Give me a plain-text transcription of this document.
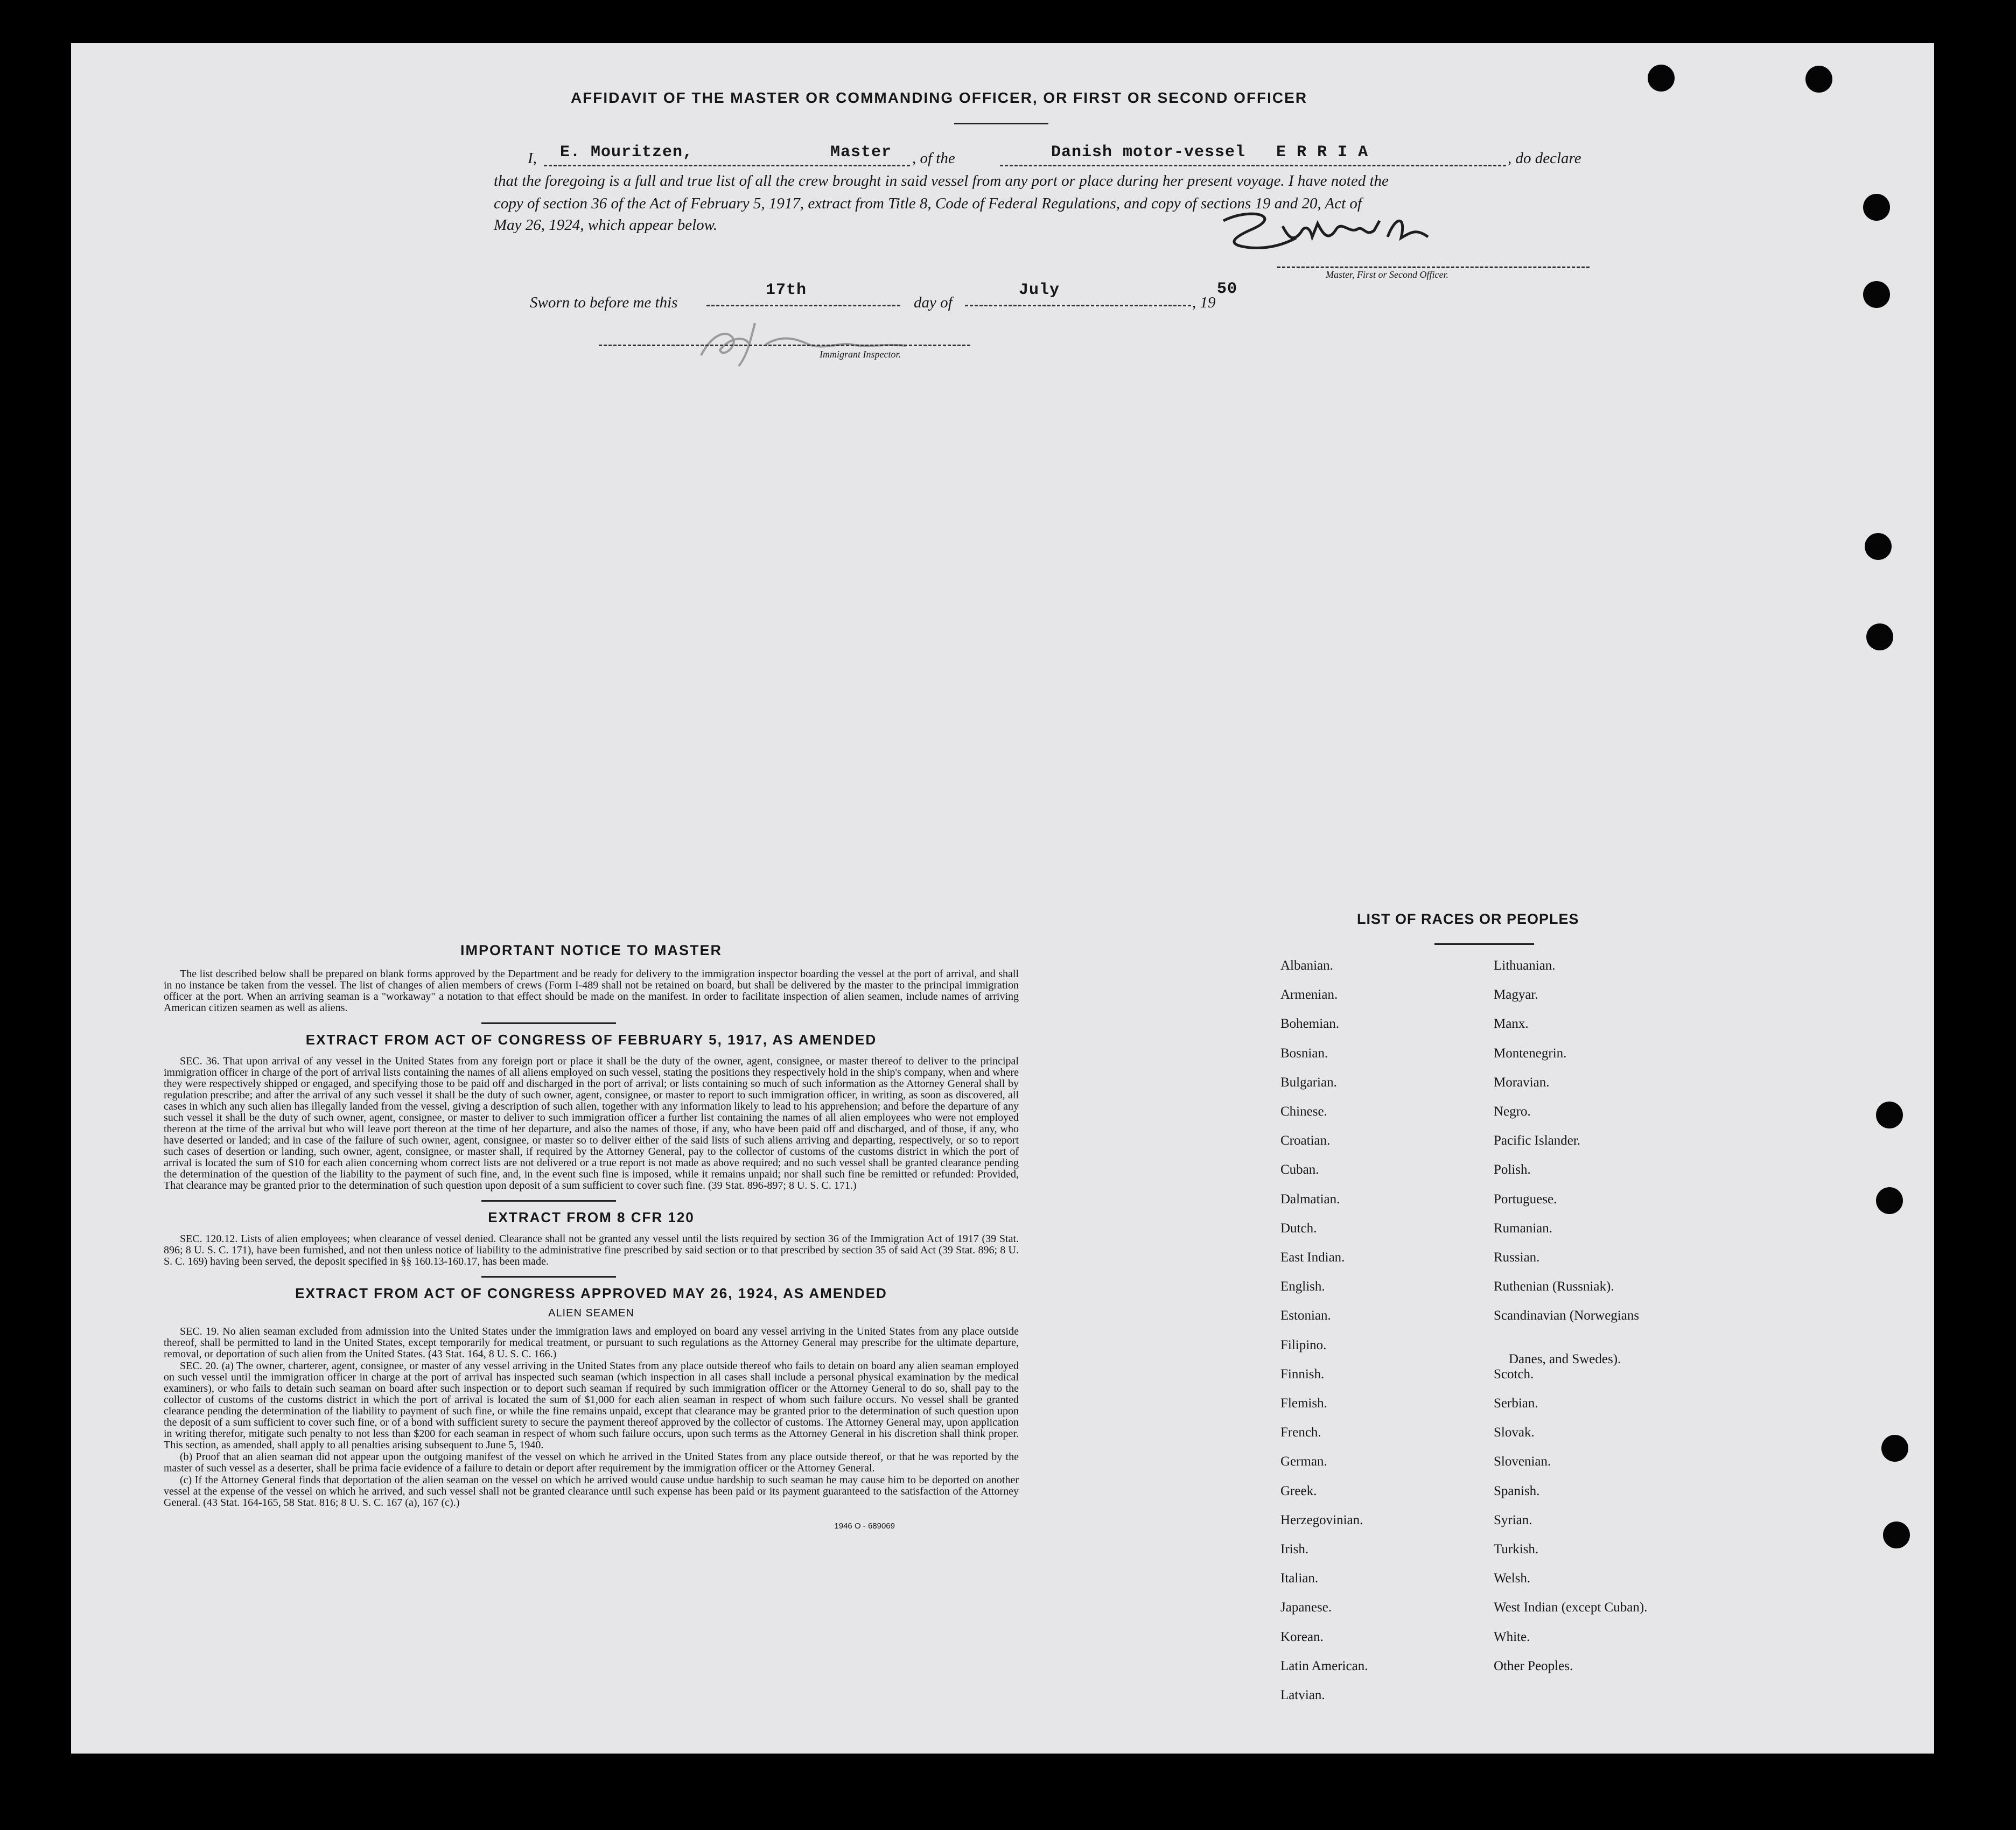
AFFIDAVIT OF THE MASTER OR COMMANDING OFFICER, OR FIRST OR SECOND OFFICER
I, E. Mouritzen,	Master , of the	Danish motor-vessel   E R R I A	, do declare
that the foregoing is a full and true list of all the crew brought in said vessel from any port or place during her present voyage. I have noted the
copy of section 36 of the Act of February 5, 1917, extract from Title 8, Code of Federal Regulations, and copy of sections 19 and 20, Act of
May 26, 1924, which appear below.
Master, First or Second Officer.
Sworn to before me this
17th
day of
July
, 19
50
Immigrant Inspector.
IMPORTANT NOTICE TO MASTER

The list described below shall be prepared on blank forms approved by the Department and be ready for delivery to the immigration inspector boarding the vessel at the port of arrival, and shall in no instance be taken from the vessel. The list of changes of alien members of crews (Form I-489 shall not be retained on board, but shall be delivered by the master to the principal immigration officer at the port. When an arriving seaman is a "workaway" a notation to that effect should be made on the manifest. In order to facilitate inspection of alien seamen, include names of arriving American citizen seamen as well as aliens.

EXTRACT FROM ACT OF CONGRESS OF FEBRUARY 5, 1917, AS AMENDED

SEC. 36. That upon arrival of any vessel in the United States from any foreign port or place it shall be the duty of the owner, agent, consignee, or master thereof to deliver to the principal immigration officer in charge of the port of arrival lists containing the names of all aliens employed on such vessel, stating the positions they respectively hold in the ship's company, when and where they were respectively shipped or engaged, and specifying those to be paid off and discharged in the port of arrival; or lists containing so much of such information as the Attorney General shall by regulation prescribe; and after the arrival of any such vessel it shall be the duty of such owner, agent, consignee, or master to report to such immigration officer, in writing, as soon as discovered, all cases in which any such alien has illegally landed from the vessel, giving a description of such alien, together with any information likely to lead to his apprehension; and before the departure of any such vessel it shall be the duty of such owner, agent, consignee, or master to deliver to such immigration officer a further list containing the names of all alien employees who were not employed thereon at the time of the arrival but who will leave port thereon at the time of her departure, and also the names of those, if any, who have been paid off and discharged, and of those, if any, who have deserted or landed; and in case of the failure of such owner, agent, consignee, or master so to deliver either of the said lists of such aliens arriving and departing, respectively, or so to report such cases of desertion or landing, such owner, agent, consignee, or master shall, if required by the Attorney General, pay to the collector of customs of the customs district in which the port of arrival is located the sum of $10 for each alien concerning whom correct lists are not delivered or a true report is not made as above required; and no such vessel shall be granted clearance pending the determination of the question of the liability to the payment of such fine, and, in the event such fine is imposed, while it remains unpaid; nor shall such fine be remitted or refunded: Provided, That clearance may be granted prior to the determination of such question upon deposit of a sum sufficient to cover such fine. (39 Stat. 896-897; 8 U. S. C. 171.)

EXTRACT FROM 8 CFR 120

SEC. 120.12. Lists of alien employees; when clearance of vessel denied. Clearance shall not be granted any vessel until the lists required by section 36 of the Immigration Act of 1917 (39 Stat. 896; 8 U. S. C. 171), have been furnished, and not then unless notice of liability to the administrative fine prescribed by said section or to that prescribed by section 35 of said Act (39 Stat. 896; 8 U. S. C. 169) having been served, the deposit specified in §§ 160.13-160.17, has been made.

EXTRACT FROM ACT OF CONGRESS APPROVED MAY 26, 1924, AS AMENDED
ALIEN SEAMEN

SEC. 19. No alien seaman excluded from admission into the United States under the immigration laws and employed on board any vessel arriving in the United States from any place outside thereof, shall be permitted to land in the United States, except temporarily for medical treatment, or pursuant to such regulations as the Attorney General may prescribe for the ultimate departure, removal, or deportation of such alien from the United States. (43 Stat. 164, 8 U. S. C. 166.)

SEC. 20. (a) The owner, charterer, agent, consignee, or master of any vessel arriving in the United States from any place outside thereof who fails to detain on board any alien seaman employed on such vessel until the immigration officer in charge at the port of arrival has inspected such seaman (which inspection in all cases shall include a personal physical examination by the medical examiners), or who fails to detain such seaman on board after such inspection or to deport such seaman if required by such immigration officer or the Attorney General to do so, shall pay to the collector of customs of the customs district in which the port of arrival is located the sum of $1,000 for each alien seaman in respect of whom such failure occurs. No vessel shall be granted clearance pending the determination of the liability to payment of such fine, or while the fine remains unpaid, except that clearance may be granted prior to the determination of such question upon the deposit of a sum sufficient to cover such fine, or of a bond with sufficient surety to secure the payment thereof approved by the collector of customs. The Attorney General may, upon application in writing therefor, mitigate such penalty to not less than $200 for each seaman in respect of whom such failure occurs, upon such terms as the Attorney General in his discretion shall think proper. This section, as amended, shall apply to all penalties arising subsequent to June 5, 1940.

(b) Proof that an alien seaman did not appear upon the outgoing manifest of the vessel on which he arrived in the United States from any place outside thereof, or that he was reported by the master of such vessel as a deserter, shall be prima facie evidence of a failure to detain or deport after requirement by the immigration officer or the Attorney General.

(c) If the Attorney General finds that deportation of the alien seaman on the vessel on which he arrived would cause undue hardship to such seaman he may cause him to be deported on another vessel at the expense of the vessel on which he arrived, and such vessel shall not be granted clearance until such expense has been paid or its payment guaranteed to the satisfaction of the Attorney General. (43 Stat. 164-165, 58 Stat. 816; 8 U. S. C. 167 (a), 167 (c).)

1946 O - 689069
LIST OF RACES OR PEOPLES
Albanian.
Armenian.
Bohemian.
Bosnian.
Bulgarian.
Chinese.
Croatian.
Cuban.
Dalmatian.
Dutch.
East Indian.
English.
Estonian.
Filipino.
Finnish.
Flemish.
French.
German.
Greek.
Herzegovinian.
Irish.
Italian.
Japanese.
Korean.
Latin American.
Latvian.
Lithuanian.
Magyar.
Manx.
Montenegrin.
Moravian.
Negro.
Pacific Islander.
Polish.
Portuguese.
Rumanian.
Russian.
Ruthenian (Russniak).
Scandinavian (Norwegians
Danes, and Swedes).
Scotch.
Serbian.
Slovak.
Slovenian.
Spanish.
Syrian.
Turkish.
Welsh.
West Indian (except Cuban).
White.
Other Peoples.
